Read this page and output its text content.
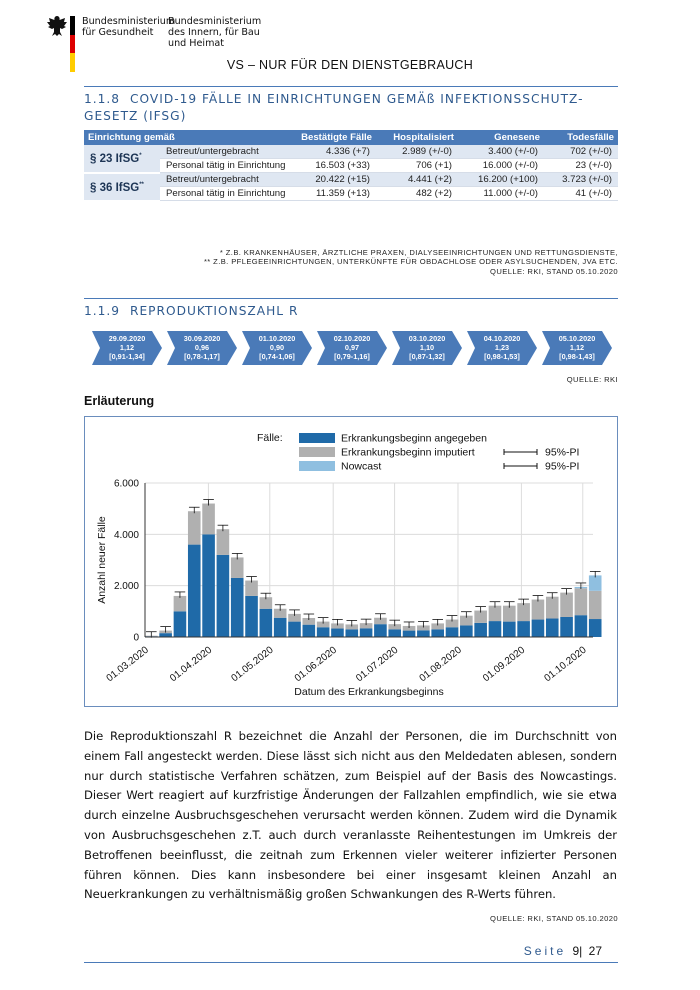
Bundesministerium
für Gesundheit
Bundesministerium
des Innern, für Bau
und Heimat
VS – NUR FÜR DEN DIENSTGEBRAUCH
1.1.8 COVID-19 FÄLLE IN EINRICHTUNGEN GEMÄß INFEKTIONSSCHUTZ-
GESETZ (IFSG)
Einrichtung gemäß		Bestätigte Fälle	Hospitalisiert	Genesene	Todesfälle
§ 23 IfSG*	Betreut/untergebracht	4.336 (+7)	2.989 (+/-0)	3.400 (+/-0)	702 (+/-0)
	Personal tätig in Einrichtung	16.503 (+33)	706 (+1)	16.000 (+/-0)	23 (+/-0)
§ 36 IfSG**	Betreut/untergebracht	20.422 (+15)	4.441 (+2)	16.200 (+100)	3.723 (+/-0)
	Personal tätig in Einrichtung	11.359 (+13)	482 (+2)	11.000 (+/-0)	41 (+/-0)
* Z.B. KRANKENHÄUSER, ÄRZTLICHE PRAXEN, DIALYSEEINRICHTUNGEN UND RETTUNGSDIENSTE,
** Z.B. PFLEGEEINRICHTUNGEN, UNTERKÜNFTE FÜR OBDACHLOSE ODER ASYLSUCHENDEN, JVA ETC.
QUELLE: RKI, STAND 05.10.2020
1.1.9 REPRODUKTIONSZAHL R
29.09.2020
1,12
[0,91-1,34]
30.09.2020
0,96
[0,78-1,17]
01.10.2020
0,90
[0,74-1,06]
02.10.2020
0,97
[0,79-1,16]
03.10.2020
1,10
[0,87-1,32]
04.10.2020
1,23
[0,98-1,53]
05.10.2020
1,12
[0,98-1,43]
QUELLE: RKI
Erläuterung
0
2.000
4.000
6.000
01.03.2020 01.04.2020 01.05.2020 01.06.2020 01.07.2020 01.08.2020 01.09.2020 01.10.2020
Anzahl neuer Fälle
Datum des Erkrankungsbeginns
Fälle:	Erkrankungsbeginn angegeben
Erkrankungsbeginn imputiert
Nowcast
95%-PI
95%-PI
Die Reproduktionszahl R bezeichnet die Anzahl der Personen, die im Durchschnitt von einem Fall angesteckt werden. Diese lässt sich nicht aus den Meldedaten ablesen, sondern nur durch statistische Verfahren schätzen, zum Beispiel auf der Basis des Nowcastings. Dieser Wert reagiert auf kurzfristige Änderungen der Fallzahlen empfindlich, wie sie etwa durch einzelne Ausbruchsgeschehen verursacht werden können. Zudem wird die Dynamik von Ausbruchsgeschehen z.T. auch durch veranlasste Reihentestungen im Umkreis der Betroffenen beeinflusst, die zeitnah zum Erkennen vieler weiterer infizierter Personen führen können. Dies kann insbesondere bei einer insgesamt kleinen Anzahl an Neuerkrankungen zu verhältnismäßig großen Schwankungen des R-Werts führen.
QUELLE: RKI, STAND 05.10.2020
Seite 9| 27
